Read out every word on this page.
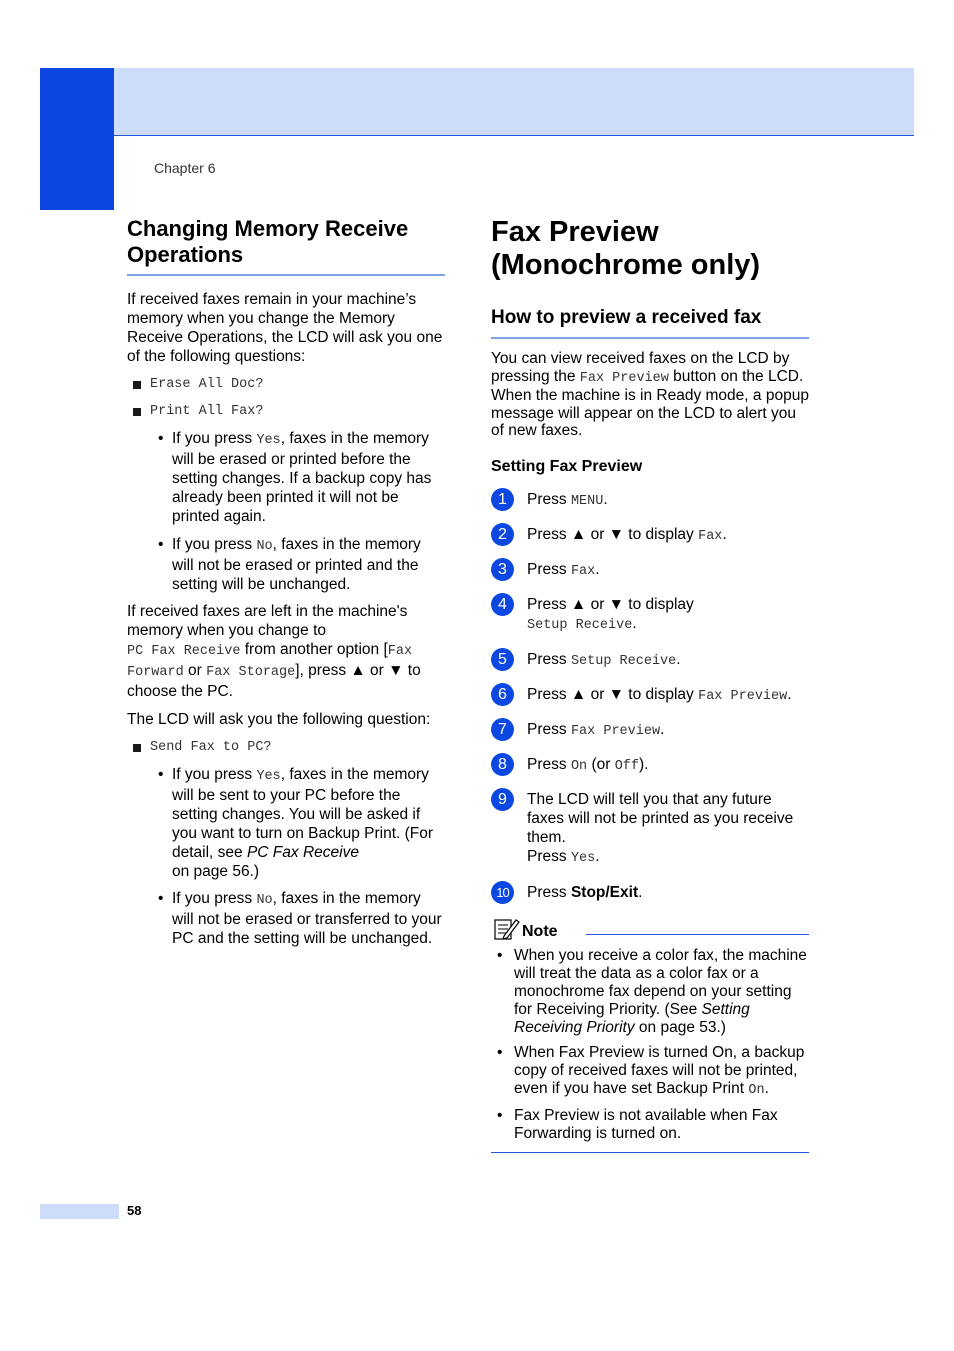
Chapter 6
Changing Memory Receive Operations

If received faxes remain in your machine’s memory when you change the Memory Receive Operations, the LCD will ask you one of the following questions:

Erase All Doc?
Print All Fax?
• If you press Yes, faxes in the memory will be erased or printed before the setting changes. If a backup copy has already been printed it will not be printed again.
• If you press No, faxes in the memory will not be erased or printed and the setting will be unchanged.

If received faxes are left in the machine's memory when you change to
PC Fax Receive from another option [Fax Forward or Fax Storage], press ▲ or ▼ to choose the PC.

The LCD will ask you the following question:

Send Fax to PC?
• If you press Yes, faxes in the memory will be sent to your PC before the setting changes. You will be asked if you want to turn on Backup Print. (For detail, see PC Fax Receive
on page 56.)
• If you press No, faxes in the memory will not be erased or transferred to your PC and the setting will be unchanged.
Fax Preview (Monochrome only)
How to preview a received fax

You can view received faxes on the LCD by pressing the Fax Preview button on the LCD. When the machine is in Ready mode, a popup message will appear on the LCD to alert you of new faxes.

Setting Fax Preview
1	Press MENU.
2	Press ▲ or ▼ to display Fax.
3	Press Fax.
4	Press ▲ or ▼ to display
Setup Receive.
5	Press Setup Receive.
6	Press ▲ or ▼ to display Fax Preview.
7	Press Fax Preview.
8	Press On (or Off).
9	The LCD will tell you that any future faxes will not be printed as you receive them.
Press Yes.
10	Press Stop/Exit.
Note
• When you receive a color fax, the machine will treat the data as a color fax or a monochrome fax depend on your setting for Receiving Priority. (See Setting Receiving Priority on page 53.)
• When Fax Preview is turned On, a backup copy of received faxes will not be printed, even if you have set Backup Print On.
• Fax Preview is not available when Fax Forwarding is turned on.
58
